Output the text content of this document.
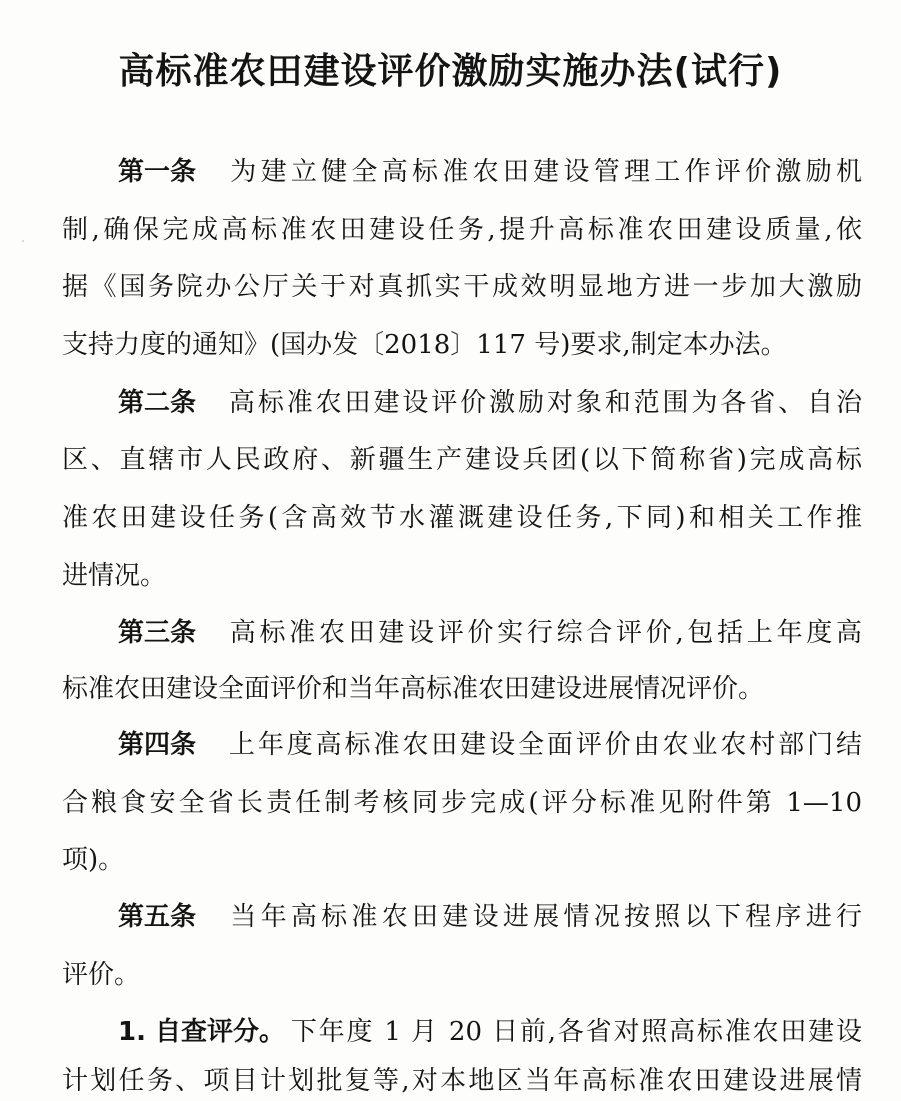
高标准农田建设评价激励实施办法(试行)
第一条 为建立健全高标准农田建设管理工作评价激励机
制,确保完成高标准农田建设任务,提升高标准农田建设质量,依
据《国务院办公厅关于对真抓实干成效明显地方进一步加大激励
支持力度的通知》(国办发〔2018〕117 号)要求,制定本办法。
第二条 高标准农田建设评价激励对象和范围为各省、自治
区、直辖市人民政府、新疆生产建设兵团(以下简称省)完成高标
准农田建设任务(含高效节水灌溉建设任务,下同)和相关工作推
进情况。
第三条 高标准农田建设评价实行综合评价,包括上年度高
标准农田建设全面评价和当年高标准农田建设进展情况评价。
第四条 上年度高标准农田建设全面评价由农业农村部门结
合粮食安全省长责任制考核同步完成(评分标准见附件第 1—10
项)。
第五条 当年高标准农田建设进展情况按照以下程序进行
评价。
1. 自查评分。 下年度 1 月 20 日前,各省对照高标准农田建设
计划任务、项目计划批复等,对本地区当年高标准农田建设进展情
